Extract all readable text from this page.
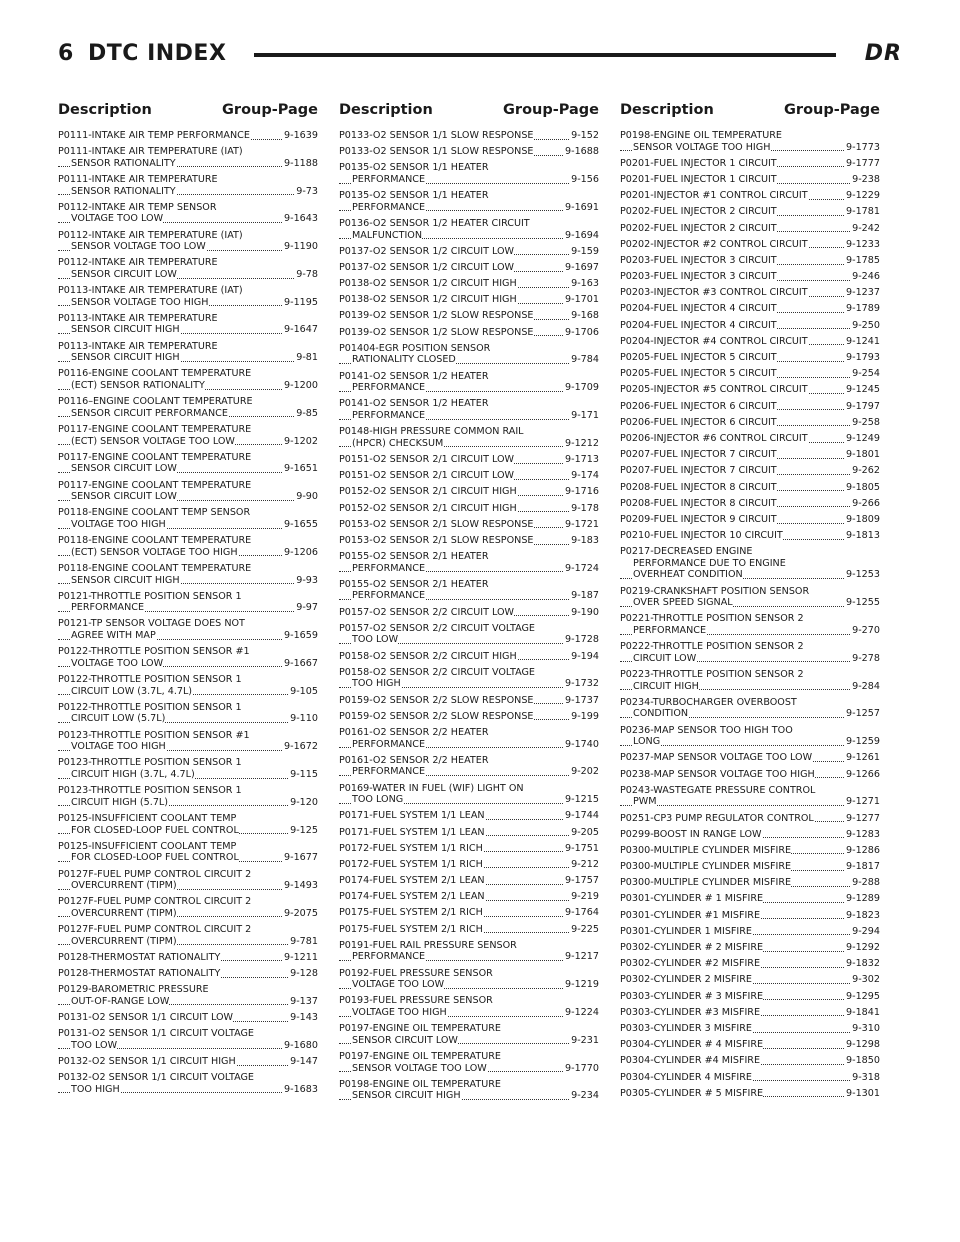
6 DTC INDEX	DR
Description	Group-Page
P0111-INTAKE AIR TEMP PERFORMANCE	9-1639
P0111-INTAKE AIR TEMPERATURE (IAT)
SENSOR RATIONALITY	9-1188
P0111-INTAKE AIR TEMPERATURE
SENSOR RATIONALITY	9-73
P0112-INTAKE AIR TEMP SENSOR
VOLTAGE TOO LOW	9-1643
P0112-INTAKE AIR TEMPERATURE (IAT)
SENSOR VOLTAGE TOO LOW	9-1190
P0112-INTAKE AIR TEMPERATURE
SENSOR CIRCUIT LOW	9-78
P0113-INTAKE AIR TEMPERATURE (IAT)
SENSOR VOLTAGE TOO HIGH	9-1195
P0113-INTAKE AIR TEMPERATURE
SENSOR CIRCUIT HIGH	9-1647
P0113-INTAKE AIR TEMPERATURE
SENSOR CIRCUIT HIGH	9-81
P0116-ENGINE COOLANT TEMPERATURE
(ECT) SENSOR RATIONALITY	9-1200
P0116–ENGINE COOLANT TEMPERATURE
SENSOR CIRCUIT PERFORMANCE	9-85
P0117-ENGINE COOLANT TEMPERATURE
(ECT) SENSOR VOLTAGE TOO LOW	9-1202
P0117-ENGINE COOLANT TEMPERATURE
SENSOR CIRCUIT LOW	9-1651
P0117-ENGINE COOLANT TEMPERATURE
SENSOR CIRCUIT LOW	9-90
P0118-ENGINE COOLANT TEMP SENSOR
VOLTAGE TOO HIGH	9-1655
P0118-ENGINE COOLANT TEMPERATURE
(ECT) SENSOR VOLTAGE TOO HIGH	9-1206
P0118-ENGINE COOLANT TEMPERATURE
SENSOR CIRCUIT HIGH	9-93
P0121-THROTTLE POSITION SENSOR 1
PERFORMANCE	9-97
P0121-TP SENSOR VOLTAGE DOES NOT
AGREE WITH MAP	9-1659
P0122-THROTTLE POSITION SENSOR #1
VOLTAGE TOO LOW	9-1667
P0122-THROTTLE POSITION SENSOR 1
CIRCUIT LOW (3.7L, 4.7L)	9-105
P0122-THROTTLE POSITION SENSOR 1
CIRCUIT LOW (5.7L)	9-110
P0123-THROTTLE POSITION SENSOR #1
VOLTAGE TOO HIGH	9-1672
P0123-THROTTLE POSITION SENSOR 1
CIRCUIT HIGH (3.7L, 4.7L)	9-115
P0123-THROTTLE POSITION SENSOR 1
CIRCUIT HIGH (5.7L)	9-120
P0125-INSUFFICIENT COOLANT TEMP
FOR CLOSED-LOOP FUEL CONTROL	9-125
P0125-INSUFFICIENT COOLANT TEMP
FOR CLOSED-LOOP FUEL CONTROL	9-1677
P0127F-FUEL PUMP CONTROL CIRCUIT 2
OVERCURRENT (TIPM)	9-1493
P0127F-FUEL PUMP CONTROL CIRCUIT 2
OVERCURRENT (TIPM)	9-2075
P0127F-FUEL PUMP CONTROL CIRCUIT 2
OVERCURRENT (TIPM)	9-781
P0128-THERMOSTAT RATIONALITY	9-1211
P0128-THERMOSTAT RATIONALITY	9-128
P0129-BAROMETRIC PRESSURE
OUT-OF-RANGE LOW	9-137
P0131-O2 SENSOR 1/1 CIRCUIT LOW	9-143
P0131-O2 SENSOR 1/1 CIRCUIT VOLTAGE
TOO LOW	9-1680
P0132-O2 SENSOR 1/1 CIRCUIT HIGH	9-147
P0132-O2 SENSOR 1/1 CIRCUIT VOLTAGE
TOO HIGH	9-1683
Description	Group-Page
P0133-O2 SENSOR 1/1 SLOW RESPONSE	9-152
P0133-O2 SENSOR 1/1 SLOW RESPONSE	9-1688
P0135-O2 SENSOR 1/1 HEATER
PERFORMANCE	9-156
P0135-O2 SENSOR 1/1 HEATER
PERFORMANCE	9-1691
P0136-O2 SENSOR 1/2 HEATER CIRCUIT
MALFUNCTION	9-1694
P0137-O2 SENSOR 1/2 CIRCUIT LOW	9-159
P0137-O2 SENSOR 1/2 CIRCUIT LOW	9-1697
P0138-O2 SENSOR 1/2 CIRCUIT HIGH	9-163
P0138-O2 SENSOR 1/2 CIRCUIT HIGH	9-1701
P0139-O2 SENSOR 1/2 SLOW RESPONSE	9-168
P0139-O2 SENSOR 1/2 SLOW RESPONSE	9-1706
P01404-EGR POSITION SENSOR
RATIONALITY CLOSED	9-784
P0141-O2 SENSOR 1/2 HEATER
PERFORMANCE	9-1709
P0141-O2 SENSOR 1/2 HEATER
PERFORMANCE	9-171
P0148-HIGH PRESSURE COMMON RAIL
(HPCR) CHECKSUM	9-1212
P0151-O2 SENSOR 2/1 CIRCUIT LOW	9-1713
P0151-O2 SENSOR 2/1 CIRCUIT LOW	9-174
P0152-O2 SENSOR 2/1 CIRCUIT HIGH	9-1716
P0152-O2 SENSOR 2/1 CIRCUIT HIGH	9-178
P0153-O2 SENSOR 2/1 SLOW RESPONSE	9-1721
P0153-O2 SENSOR 2/1 SLOW RESPONSE	9-183
P0155-O2 SENSOR 2/1 HEATER
PERFORMANCE	9-1724
P0155-O2 SENSOR 2/1 HEATER
PERFORMANCE	9-187
P0157-O2 SENSOR 2/2 CIRCUIT LOW	9-190
P0157-O2 SENSOR 2/2 CIRCUIT VOLTAGE
TOO LOW	9-1728
P0158-O2 SENSOR 2/2 CIRCUIT HIGH	9-194
P0158-O2 SENSOR 2/2 CIRCUIT VOLTAGE
TOO HIGH	9-1732
P0159-O2 SENSOR 2/2 SLOW RESPONSE	9-1737
P0159-O2 SENSOR 2/2 SLOW RESPONSE	9-199
P0161-O2 SENSOR 2/2 HEATER
PERFORMANCE	9-1740
P0161-O2 SENSOR 2/2 HEATER
PERFORMANCE	9-202
P0169-WATER IN FUEL (WIF) LIGHT ON
TOO LONG	9-1215
P0171-FUEL SYSTEM 1/1 LEAN	9-1744
P0171-FUEL SYSTEM 1/1 LEAN	9-205
P0172-FUEL SYSTEM 1/1 RICH	9-1751
P0172-FUEL SYSTEM 1/1 RICH	9-212
P0174-FUEL SYSTEM 2/1 LEAN	9-1757
P0174-FUEL SYSTEM 2/1 LEAN	9-219
P0175-FUEL SYSTEM 2/1 RICH	9-1764
P0175-FUEL SYSTEM 2/1 RICH	9-225
P0191-FUEL RAIL PRESSURE SENSOR
PERFORMANCE	9-1217
P0192-FUEL PRESSURE SENSOR
VOLTAGE TOO LOW	9-1219
P0193-FUEL PRESSURE SENSOR
VOLTAGE TOO HIGH	9-1224
P0197-ENGINE OIL TEMPERATURE
SENSOR CIRCUIT LOW	9-231
P0197-ENGINE OIL TEMPERATURE
SENSOR VOLTAGE TOO LOW	9-1770
P0198-ENGINE OIL TEMPERATURE
SENSOR CIRCUIT HIGH	9-234
Description	Group-Page
P0198-ENGINE OIL TEMPERATURE
SENSOR VOLTAGE TOO HIGH	9-1773
P0201-FUEL INJECTOR 1 CIRCUIT	9-1777
P0201-FUEL INJECTOR 1 CIRCUIT	9-238
P0201-INJECTOR #1 CONTROL CIRCUIT	9-1229
P0202-FUEL INJECTOR 2 CIRCUIT	9-1781
P0202-FUEL INJECTOR 2 CIRCUIT	9-242
P0202-INJECTOR #2 CONTROL CIRCUIT	9-1233
P0203-FUEL INJECTOR 3 CIRCUIT	9-1785
P0203-FUEL INJECTOR 3 CIRCUIT	9-246
P0203-INJECTOR #3 CONTROL CIRCUIT	9-1237
P0204-FUEL INJECTOR 4 CIRCUIT	9-1789
P0204-FUEL INJECTOR 4 CIRCUIT	9-250
P0204-INJECTOR #4 CONTROL CIRCUIT	9-1241
P0205-FUEL INJECTOR 5 CIRCUIT	9-1793
P0205-FUEL INJECTOR 5 CIRCUIT	9-254
P0205-INJECTOR #5 CONTROL CIRCUIT	9-1245
P0206-FUEL INJECTOR 6 CIRCUIT	9-1797
P0206-FUEL INJECTOR 6 CIRCUIT	9-258
P0206-INJECTOR #6 CONTROL CIRCUIT	9-1249
P0207-FUEL INJECTOR 7 CIRCUIT	9-1801
P0207-FUEL INJECTOR 7 CIRCUIT	9-262
P0208-FUEL INJECTOR 8 CIRCUIT	9-1805
P0208-FUEL INJECTOR 8 CIRCUIT	9-266
P0209-FUEL INJECTOR 9 CIRCUIT	9-1809
P0210-FUEL INJECTOR 10 CIRCUIT	9-1813
P0217-DECREASED ENGINE
PERFORMANCE DUE TO ENGINE
OVERHEAT CONDITION	9-1253
P0219-CRANKSHAFT POSITION SENSOR
OVER SPEED SIGNAL	9-1255
P0221-THROTTLE POSITION SENSOR 2
PERFORMANCE	9-270
P0222-THROTTLE POSITION SENSOR 2
CIRCUIT LOW	9-278
P0223-THROTTLE POSITION SENSOR 2
CIRCUIT HIGH	9-284
P0234-TURBOCHARGER OVERBOOST
CONDITION	9-1257
P0236-MAP SENSOR TOO HIGH TOO
LONG	9-1259
P0237-MAP SENSOR VOLTAGE TOO LOW	9-1261
P0238-MAP SENSOR VOLTAGE TOO HIGH	9-1266
P0243-WASTEGATE PRESSURE CONTROL
PWM	9-1271
P0251-CP3 PUMP REGULATOR CONTROL	9-1277
P0299-BOOST IN RANGE LOW	9-1283
P0300-MULTIPLE CYLINDER MISFIRE	9-1286
P0300-MULTIPLE CYLINDER MISFIRE	9-1817
P0300-MULTIPLE CYLINDER MISFIRE	9-288
P0301-CYLINDER # 1 MISFIRE	9-1289
P0301-CYLINDER #1 MISFIRE	9-1823
P0301-CYLINDER 1 MISFIRE	9-294
P0302-CYLINDER # 2 MISFIRE	9-1292
P0302-CYLINDER #2 MISFIRE	9-1832
P0302-CYLINDER 2 MISFIRE	9-302
P0303-CYLINDER # 3 MISFIRE	9-1295
P0303-CYLINDER #3 MISFIRE	9-1841
P0303-CYLINDER 3 MISFIRE	9-310
P0304-CYLINDER # 4 MISFIRE	9-1298
P0304-CYLINDER #4 MISFIRE	9-1850
P0304-CYLINDER 4 MISFIRE	9-318
P0305-CYLINDER # 5 MISFIRE	9-1301
